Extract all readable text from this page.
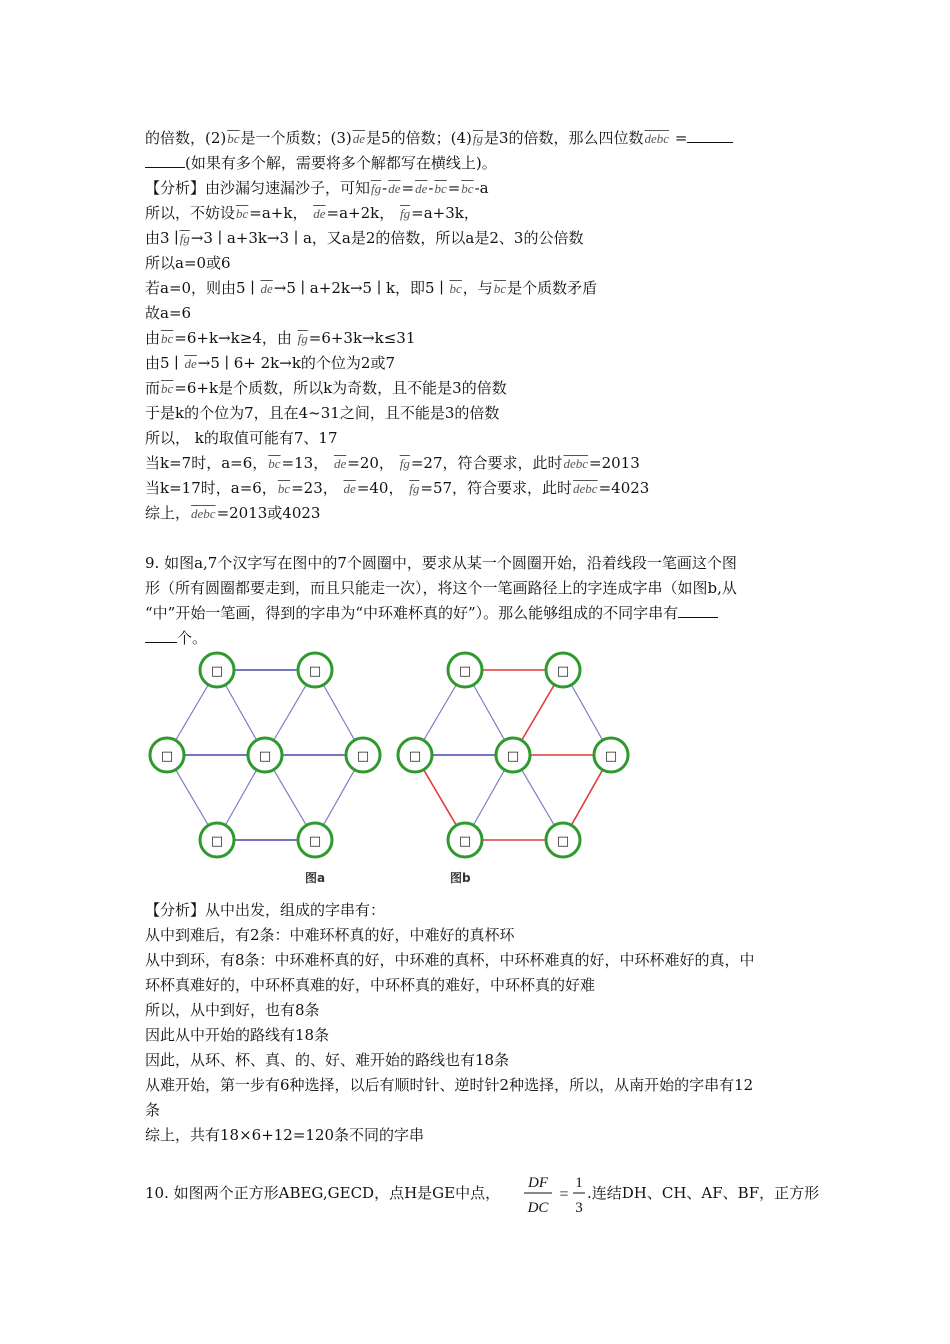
的倍数，$(2)\overline{bc}$是一个质数；$(3)\overline{de}$是5的倍数；$(4)\overline{fg}$是3的倍数，那么四位数debc =
(如果有多个解，需要将多个解都写在横线上)。
【分析】由沙漏匀速漏沙子，可知$\overline{fg}-\overline{de}=\overline{de}-\overline{bc}=\overline{bc}-a$
所以，不妨设$\overline{bc}=a+k$， $\overline{de}=a+2k$， $\overline{fg}=a+3k$，
由3 $∣\overline{fg}\to 3$ ∣ a+3k→3 ∣ a，又a是2的倍数，所以a是2、3的公倍数
所以a=0或6
若a=0，则由5 ∣ $\overline{de}\to 5$ ∣ a+2k→5 ∣ k，即5 ∣ $\overline{bc}$，与$\overline{bc}$是个质数矛盾
故a=6
由$\overline{bc}=6+k\to k\ge 4$，由 $\overline{fg}=6+3k\to k\le 31$
由5 ∣ $\overline{de}\to 5$ ∣ 6+ 2k→k的个位为2或7
而$\overline{bc}=6+k$是个质数，所以k为奇数，且不能是3的倍数
于是k的个位为7，且在4~31之间，且不能是3的倍数
所以， k的取值可能有7、17
当k=7时，a=6，$\overline{bc}=13$， $\overline{de}=20$， $\overline{fg}=27$，符合要求，此时debc=2013
当k=17时，a=6，$\overline{bc}=23$， $\overline{de}=40$， $\overline{fg}=57$，符合要求，此时debc=4023
综上，debc=2013或4023
9. 如图a,7个汉字写在图中的7个圆圈中，要求从某一个圆圈开始，沿着线段一笔画这个图
形（所有圆圈都要走到，而且只能走一次），将这个一笔画路径上的字连成字串（如图b,从
“中”开始一笔画，得到的字串为“中环难杯真的好”）。那么能够组成的不同字串有
个。
□	□
□	□	□
□	□
图a
□	□
□	□	□
□	□
图b
【分析】从中出发，组成的字串有：
从中到难后，有2条：中难环杯真的好，中难好的真杯环
从中到环，有8条：中环难杯真的好，中环难的真杯，中环杯难真的好，中环杯难好的真，中
环杯真难好的，中环杯真难的好，中环杯真的难好，中环杯真的好难
所以，从中到好，也有8条
因此从中开始的路线有18条
因此，从环、杯、真、的、好、难开始的路线也有18条
从难开始，第一步有6种选择，以后有顺时针、逆时针2种选择，所以，从南开始的字串有12
条
综上，共有18×6+12=120条不同的字串
10. 如图两个正方形ABEG,GECD，点H是GE中点，
DF
DC
=
1
3
.连结DH、CH、AF、BF，正方形
